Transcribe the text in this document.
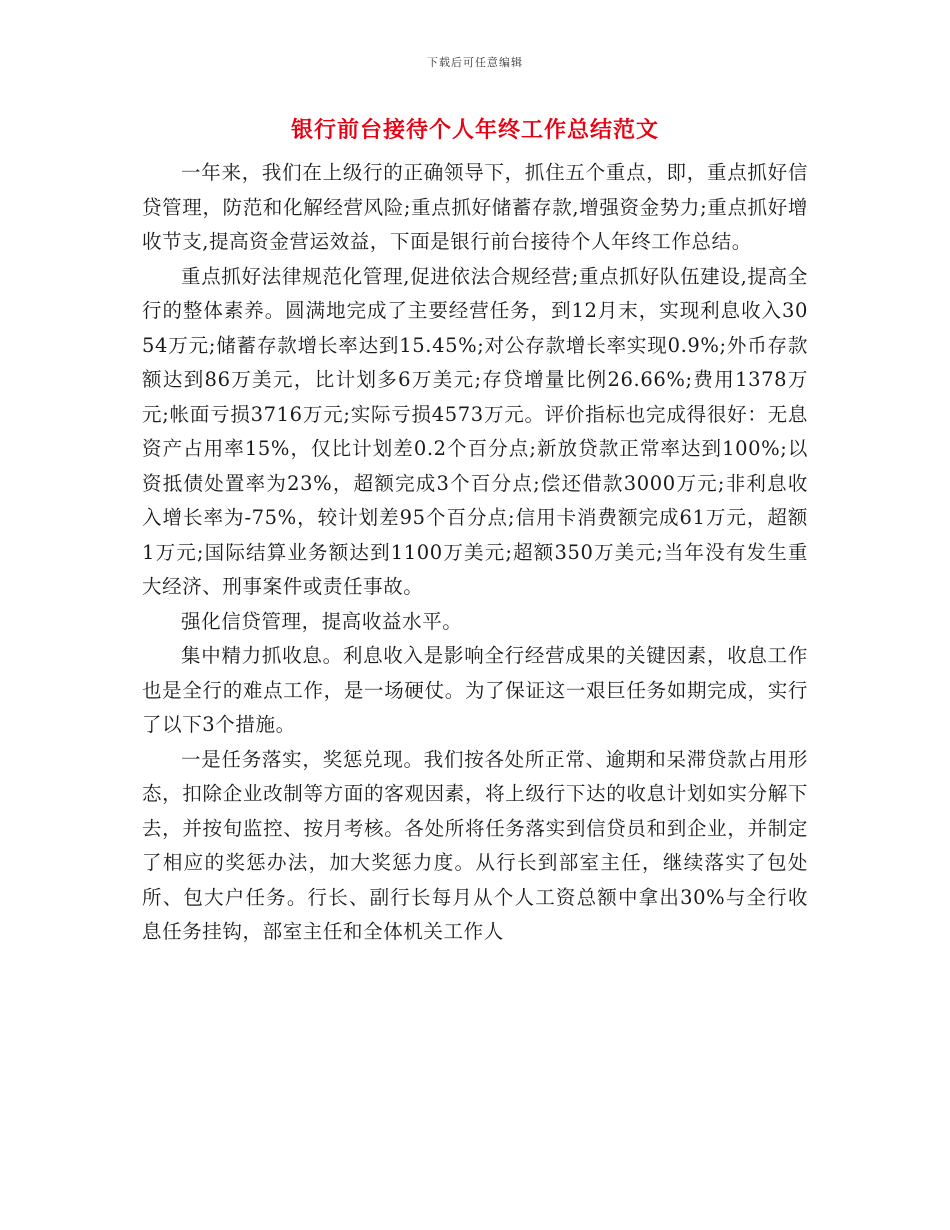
下载后可任意编辑
银行前台接待个人年终工作总结范文

一年来，我们在上级行的正确领导下，抓住五个重点，即，重点抓好信贷管理，防范和化解经营风险;重点抓好储蓄存款,增强资金势力;重点抓好增收节支,提高资金营运效益，下面是银行前台接待个人年终工作总结。

重点抓好法律规范化管理,促进依法合规经营;重点抓好队伍建设,提高全行的整体素养。圆满地完成了主要经营任务，到12月末，实现利息收入3054万元;储蓄存款增长率达到15.45%;对公存款增长率实现0.9%;外币存款额达到86万美元，比计划多6万美元;存贷增量比例26.66%;费用1378万元;帐面亏损3716万元;实际亏损4573万元。评价指标也完成得很好：无息资产占用率15%，仅比计划差0.2个百分点;新放贷款正常率达到100%;以资抵债处置率为23%，超额完成3个百分点;偿还借款3000万元;非利息收入增长率为-75%，较计划差95个百分点;信用卡消费额完成61万元，超额1万元;国际结算业务额达到1100万美元;超额350万美元;当年没有发生重大经济、刑事案件或责任事故。

强化信贷管理，提高收益水平。

集中精力抓收息。利息收入是影响全行经营成果的关键因素，收息工作也是全行的难点工作，是一场硬仗。为了保证这一艰巨任务如期完成，实行了以下3个措施。

一是任务落实，奖惩兑现。我们按各处所正常、逾期和呆滞贷款占用形态，扣除企业改制等方面的客观因素，将上级行下达的收息计划如实分解下去，并按旬监控、按月考核。各处所将任务落实到信贷员和到企业，并制定了相应的奖惩办法，加大奖惩力度。从行长到部室主任，继续落实了包处所、包大户任务。行长、副行长每月从个人工资总额中拿出30%与全行收息任务挂钩，部室主任和全体机关工作人
